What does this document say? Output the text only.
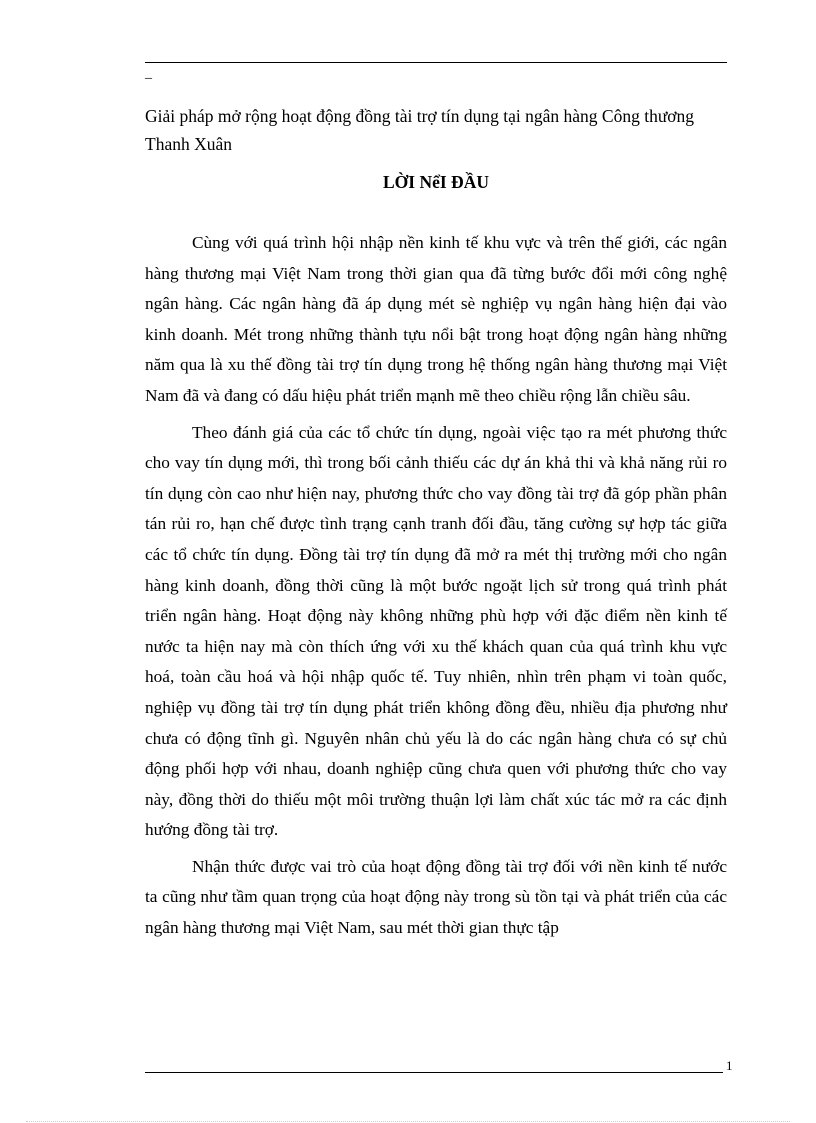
_
Giải pháp mở rộng hoạt động đồng tài trợ tín dụng tại ngân hàng Công thương Thanh Xuân
LỜI NểI ĐẦU

Cùng với quá trình hội nhập nền kinh tế khu vực và trên thế giới, các ngân hàng thương mại Việt Nam trong thời gian qua đã từng bước đổi mới công nghệ ngân hàng. Các ngân hàng đã áp dụng mét sè nghiệp vụ ngân hàng hiện đại vào kinh doanh. Mét trong những thành tựu nổi bật trong hoạt động ngân hàng những năm qua là xu thế đồng tài trợ tín dụng trong hệ thống ngân hàng thương mại Việt Nam đã và đang có dấu hiệu phát triển mạnh mẽ theo chiều rộng lẫn chiều sâu.

Theo đánh giá của các tổ chức tín dụng, ngoài việc tạo ra mét phương thức cho vay tín dụng mới, thì trong bối cảnh thiếu các dự án khả thi và khả năng rủi ro tín dụng còn cao như hiện nay, phương thức cho vay đồng tài trợ đã góp phần phân tán rủi ro, hạn chế được tình trạng cạnh tranh đối đầu, tăng cường sự hợp tác giữa các tổ chức tín dụng. Đồng tài trợ tín dụng đã mở ra mét thị trường mới cho ngân hàng kinh doanh, đồng thời cũng là một bước ngoặt lịch sử trong quá trình phát triển ngân hàng. Hoạt động này không những phù hợp với đặc điểm nền kinh tế nước ta hiện nay mà còn thích ứng với xu thế khách quan của quá trình khu vực hoá, toàn cầu hoá và hội nhập quốc tế. Tuy nhiên, nhìn trên phạm vi toàn quốc, nghiệp vụ đồng tài trợ tín dụng phát triển không đồng đều, nhiều địa phương như chưa có động tĩnh gì. Nguyên nhân chủ yếu là do các ngân hàng chưa có sự chủ động phối hợp với nhau, doanh nghiệp cũng chưa quen với phương thức cho vay này, đồng thời do thiếu một môi trường thuận lợi làm chất xúc tác mở ra các định hướng đồng tài trợ.

Nhận thức được vai trò của hoạt động đồng tài trợ đối với nền kinh tế nước ta cũng như tầm quan trọng của hoạt động này trong sù tồn tại và phát triển của các ngân hàng thương mại Việt Nam, sau mét thời gian thực tập

1
